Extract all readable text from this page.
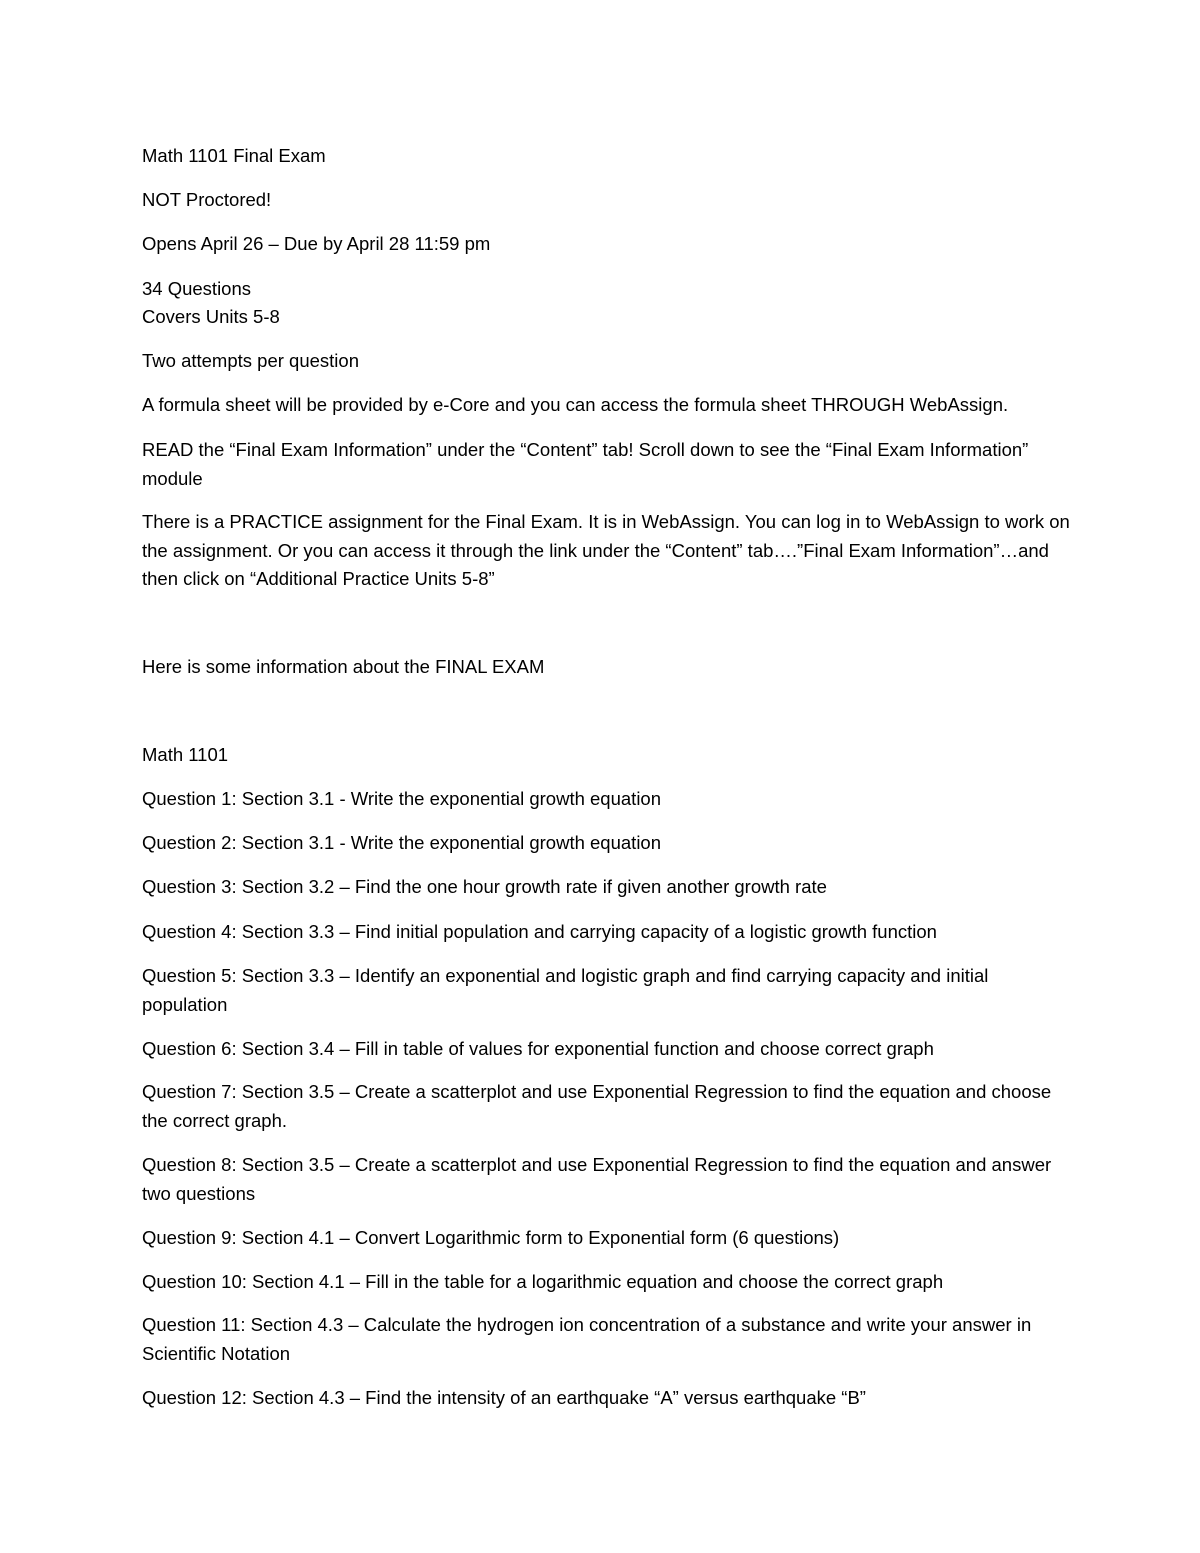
Math 1101 Final Exam
NOT Proctored!
Opens April 26 – Due by April 28 11:59 pm
34 Questions
Covers Units 5-8
Two attempts per question
A formula sheet will be provided by e-Core and you can access the formula sheet THROUGH WebAssign.
READ the “Final Exam Information” under the “Content” tab! Scroll down to see the “Final Exam Information” module
There is a PRACTICE assignment for the Final Exam. It is in WebAssign. You can log in to WebAssign to work on the assignment. Or you can access it through the link under the “Content” tab….”Final Exam Information”…and then click on “Additional Practice Units 5-8”
Here is some information about the FINAL EXAM
Math 1101
Question 1: Section 3.1 - Write the exponential growth equation
Question 2: Section 3.1 - Write the exponential growth equation
Question 3: Section 3.2 – Find the one hour growth rate if given another growth rate
Question 4: Section 3.3 – Find initial population and carrying capacity of a logistic growth function
Question 5: Section 3.3 – Identify an exponential and logistic graph and find carrying capacity and initial population
Question 6: Section 3.4 – Fill in table of values for exponential function and choose correct graph
Question 7: Section 3.5 – Create a scatterplot and use Exponential Regression to find the equation and choose the correct graph.
Question 8: Section 3.5 – Create a scatterplot and use Exponential Regression to find the equation and answer two questions
Question 9: Section 4.1 – Convert Logarithmic form to Exponential form (6 questions)
Question 10: Section 4.1 – Fill in the table for a logarithmic equation and choose the correct graph
Question 11: Section 4.3 – Calculate the hydrogen ion concentration of a substance and write your answer in Scientific Notation
Question 12: Section 4.3 – Find the intensity of an earthquake “A” versus earthquake “B”
